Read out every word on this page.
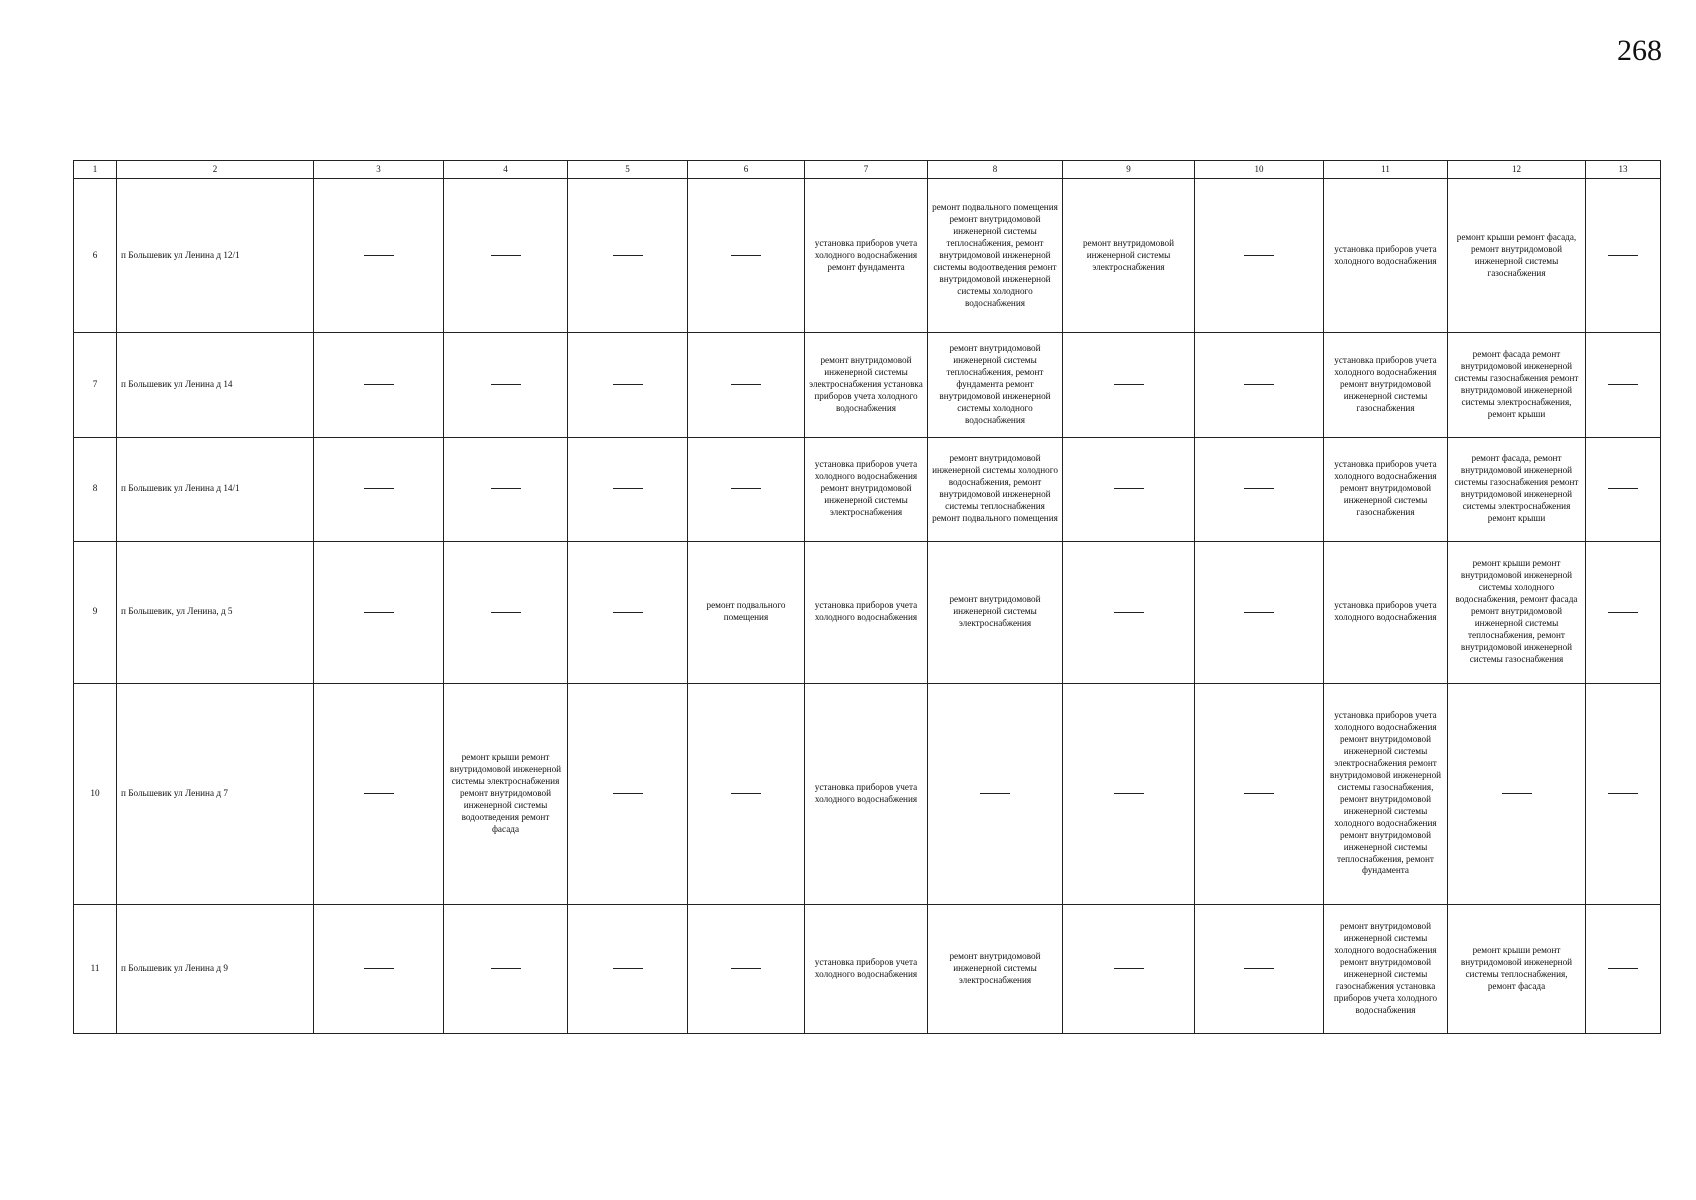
268
1	2	3	4	5	6	7	8	9	10	11	12	13
6	п Большевик ул Ленина д 12/1					установка приборов учета холодного водоснабжения ремонт фундамента	ремонт подвального помещения ремонт внутридомовой инженерной системы теплоснабжения, ремонт внутридомовой инженерной системы водоотведения ремонт внутридомовой инженерной системы холодного водоснабжения	ремонт внутридомовой инженерной системы электроснабжения		установка приборов учета холодного водоснабжения	ремонт крыши ремонт фасада, ремонт внутридомовой инженерной системы газоснабжения	
7	п Большевик ул Ленина д 14					ремонт внутридомовой инженерной системы электроснабжения установка приборов учета холодного водоснабжения	ремонт внутридомовой инженерной системы теплоснабжения, ремонт фундамента ремонт внутридомовой инженерной системы холодного водоснабжения			установка приборов учета холодного водоснабжения ремонт внутридомовой инженерной системы газоснабжения	ремонт фасада ремонт внутридомовой инженерной системы газоснабжения ремонт внутридомовой инженерной системы электроснабжения, ремонт крыши	
8	п Большевик ул Ленина д 14/1					установка приборов учета холодного водоснабжения ремонт внутридомовой инженерной системы электроснабжения	ремонт внутридомовой инженерной системы холодного водоснабжения, ремонт внутридомовой инженерной системы теплоснабжения ремонт подвального помещения			установка приборов учета холодного водоснабжения ремонт внутридомовой инженерной системы газоснабжения	ремонт фасада, ремонт внутридомовой инженерной системы газоснабжения ремонт внутридомовой инженерной системы электроснабжения ремонт крыши	
9	п Большевик, ул Ленина, д 5				ремонт подвального помещения	установка приборов учета холодного водоснабжения	ремонт внутридомовой инженерной системы электроснабжения			установка приборов учета холодного водоснабжения	ремонт крыши ремонт внутридомовой инженерной системы холодного водоснабжения, ремонт фасада ремонт внутридомовой инженерной системы теплоснабжения, ремонт внутридомовой инженерной системы газоснабжения	
10	п Большевик ул Ленина д 7		ремонт крыши ремонт внутридомовой инженерной системы электроснабжения ремонт внутридомовой инженерной системы водоотведения ремонт фасада			установка приборов учета холодного водоснабжения				установка приборов учета холодного водоснабжения ремонт внутридомовой инженерной системы электроснабжения ремонт внутридомовой инженерной системы газоснабжения, ремонт внутридомовой инженерной системы холодного водоснабжения ремонт внутридомовой инженерной системы теплоснабжения, ремонт фундамента		
11	п Большевик ул Ленина д 9					установка приборов учета холодного водоснабжения	ремонт внутридомовой инженерной системы электроснабжения			ремонт внутридомовой инженерной системы холодного водоснабжения ремонт внутридомовой инженерной системы газоснабжения установка приборов учета холодного водоснабжения	ремонт крыши ремонт внутридомовой инженерной системы теплоснабжения, ремонт фасада	
